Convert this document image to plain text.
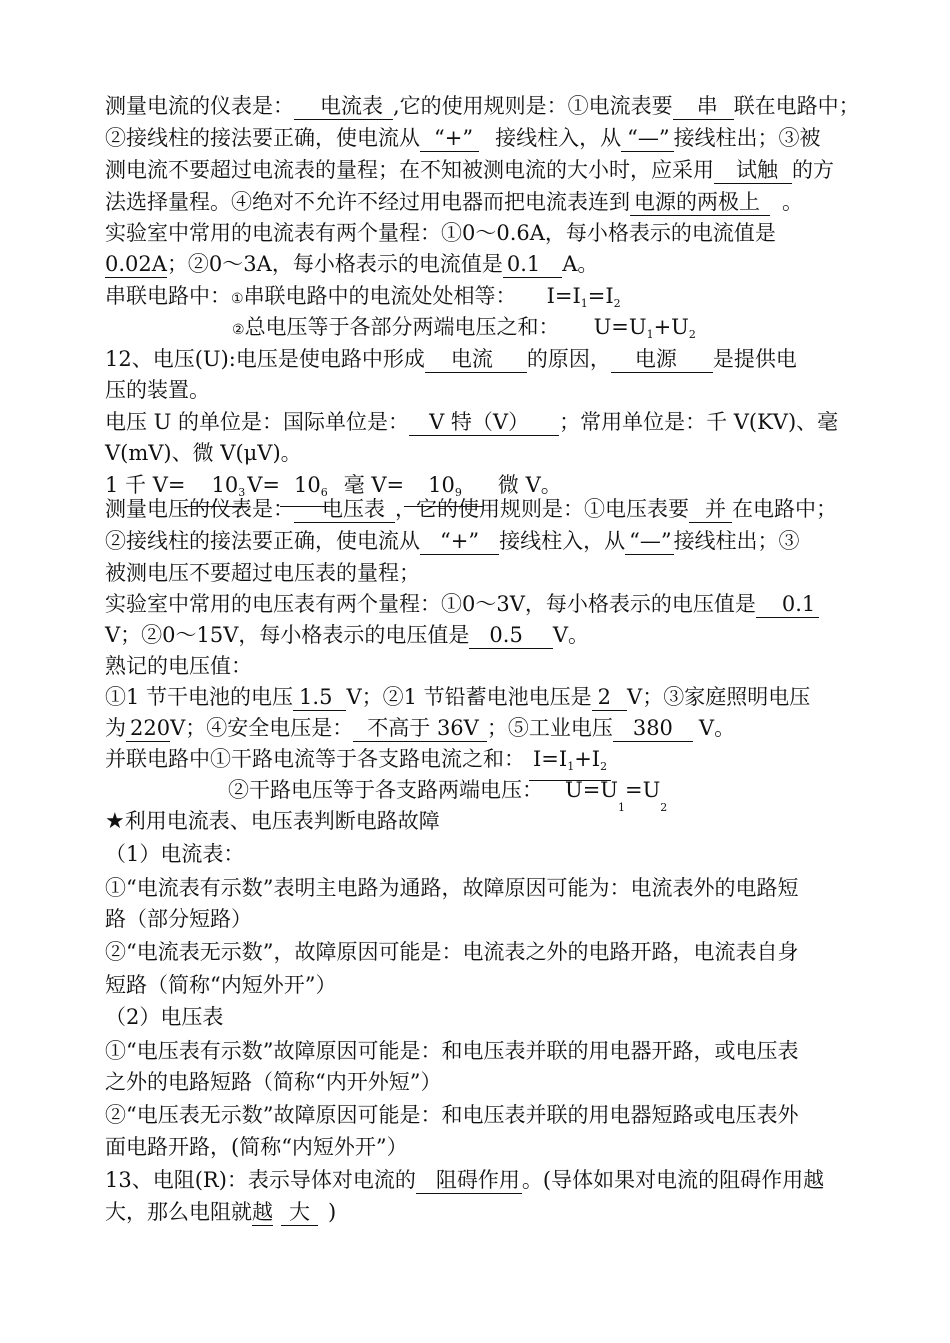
测量电流的仪表是： 电流表 ,它的使用规则是：①电流表要 串 联在电路中；
②接线柱的接法要正确，使电流从 “+” 接线柱入，从 “—” 接线柱出；③被
测电流不要超过电流表的量程；在不知被测电流的大小时，应采用 试触 的方
法选择量程。④绝对不允许不经过用电器而把电流表连到 电源的两极上 。
实验室中常用的电流表有两个量程：①0～0.6A，每小格表示的电流值是
0.02A；②0～3A，每小格表示的电流值是 0.1 A。
串联电路中：①串联电路中的电流处处相等： $I=I_1=I_2$
②总电压等于各部分两端电压之和： $U=U_1+U_2$
12、电压(U):电压是使电路中形成 电流 的原因， 电源 是提供电
压的装置。
电压 U 的单位是：国际单位是： V 特（V） ；常用单位是：千 V(KV)、毫
V(mV)、微 V(μV)。
1 千 $V= 10_3V= 10_6$ 毫 $V= 10_9$ 微 V。
测量电压的仪表是： 电压表 ，它的使用规则是：①电压表要 并 在电路中；
②接线柱的接法要正确，使电流从 “+” 接线柱入，从 “—”接线柱出；③
被测电压不要超过电压表的量程；
实验室中常用的电压表有两个量程：①0～3V，每小格表示的电压值是 0.1
V；②0～15V，每小格表示的电压值是 0.5 V。
熟记的电压值：
①1 节干电池的电压 1.5 V；②1 节铅蓄电池电压是 2 V；③家庭照明电压
为 220V；④安全电压是： 不高于 36V ；⑤工业电压 380 V。
并联电路中①干路电流等于各支路电流之和： $I=I_1+I_2$
②干路电压等于各支路两端电压： $U=U_1=U_2$
★利用电流表、电压表判断电路故障
（1）电流表：
①“电流表有示数”表明主电路为通路，故障原因可能为：电流表外的电路短
路（部分短路）
②“电流表无示数”，故障原因可能是：电流表之外的电路开路，电流表自身
短路（简称“内短外开”）
（2）电压表
①“电压表有示数”故障原因可能是：和电压表并联的用电器开路，或电压表
之外的电路短路（简称“内开外短”）
②“电压表无示数”故障原因可能是：和电压表并联的用电器短路或电压表外
面电路开路，(简称“内短外开”）
13、电阻(R)：表示导体对电流的 阻碍作用。(导体如果对电流的阻碍作用越
大，那么电阻就越 大 )
